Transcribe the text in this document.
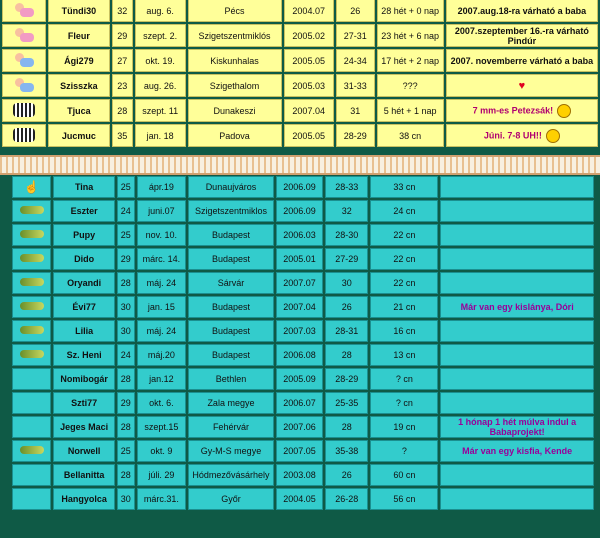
	Tündi30	32	aug. 6.	Pécs	2004.07	26	28 hét + 0 nap	2007.aug.18-ra várható a baba
	Fleur	29	szept. 2.	Szigetszentmiklós	2005.02	27-31	23 hét + 6 nap	2007.szeptember 16.-ra várható Pindúr
	Ági279	27	okt. 19.	Kiskunhalas	2005.05	24-34	17 hét + 2 nap	2007. novemberre várható a baba
	Szisszka	23	aug. 26.	Szigethalom	2005.03	31-33	???	♥
	Tjuca	28	szept. 11	Dunakeszi	2007.04	31	5 hét + 1 nap	7 mm-es Petezsák!
	Jucmuc	35	jan. 18	Padova	2005.05	28-29	38 cn	Júni. 7-8 UH!!
☝	Tina	25	ápr.19	Dunaujváros	2006.09	28-33	33 cn	
	Eszter	24	juni.07	Szigetszentmiklos	2006.09	32	24 cn	
	Pupy	25	nov. 10.	Budapest	2006.03	28-30	22 cn	
	Dido	29	márc. 14.	Budapest	2005.01	27-29	22 cn	
	Oryandi	28	máj. 24	Sárvár	2007.07	30	22 cn	
	Évi77	30	jan. 15	Budapest	2007.04	26	21 cn	Már van egy kislánya, Dóri
	Lilia	30	máj. 24	Budapest	2007.03	28-31	16 cn	
	Sz. Heni	24	máj.20	Budapest	2006.08	28	13 cn	
	Nomibogár	28	jan.12	Bethlen	2005.09	28-29	? cn	
	Szti77	29	okt. 6.	Zala megye	2006.07	25-35	? cn	
	Jeges Maci	28	szept.15	Fehérvár	2007.06	28	19 cn	1 hónap 1 hét múlva indul a Babaprojekt!
	Norwell	25	okt. 9	Gy-M-S megye	2007.05	35-38	?	Már van egy kisfia, Kende
	Bellanitta	28	júli. 29	Hódmezővásárhely	2003.08	26	60 cn	
	Hangyolca	30	márc.31.	Győr	2004.05	26-28	56 cn	
